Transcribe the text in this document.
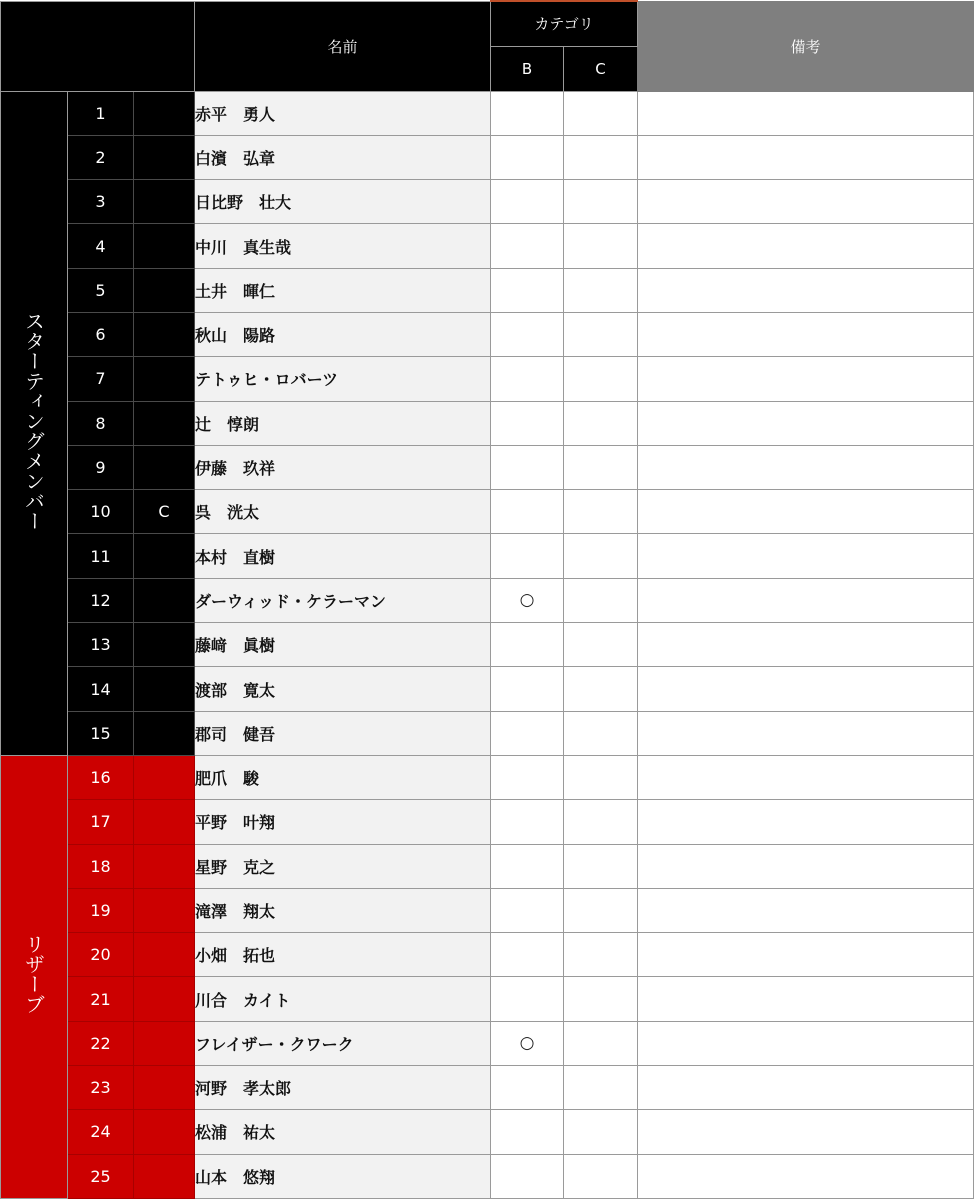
			名前	カテゴリ		備考
				B	C	
スターティングメンバー	1		赤平　勇人			
	2		白濱　弘章			
	3		日比野　壮大			
	4		中川　真生哉			
	5		土井　暉仁			
	6		秋山　陽路			
	7		テトゥヒ・ロバーツ			
	8		辻　惇朗			
	9		伊藤　玖祥			
	10	C	呉　洸太			
	11		本村　直樹			
	12		ダーウィッド・ケラーマン	○		
	13		藤﨑　眞樹			
	14		渡部　寛太			
	15		郡司　健吾			
リザーブ	16		肥爪　駿			
	17		平野　叶翔			
	18		星野　克之			
	19		滝澤　翔太			
	20		小畑　拓也			
	21		川合　カイト			
	22		フレイザー・クワーク	○		
	23		河野　孝太郎			
	24		松浦　祐太			
	25		山本　悠翔			
